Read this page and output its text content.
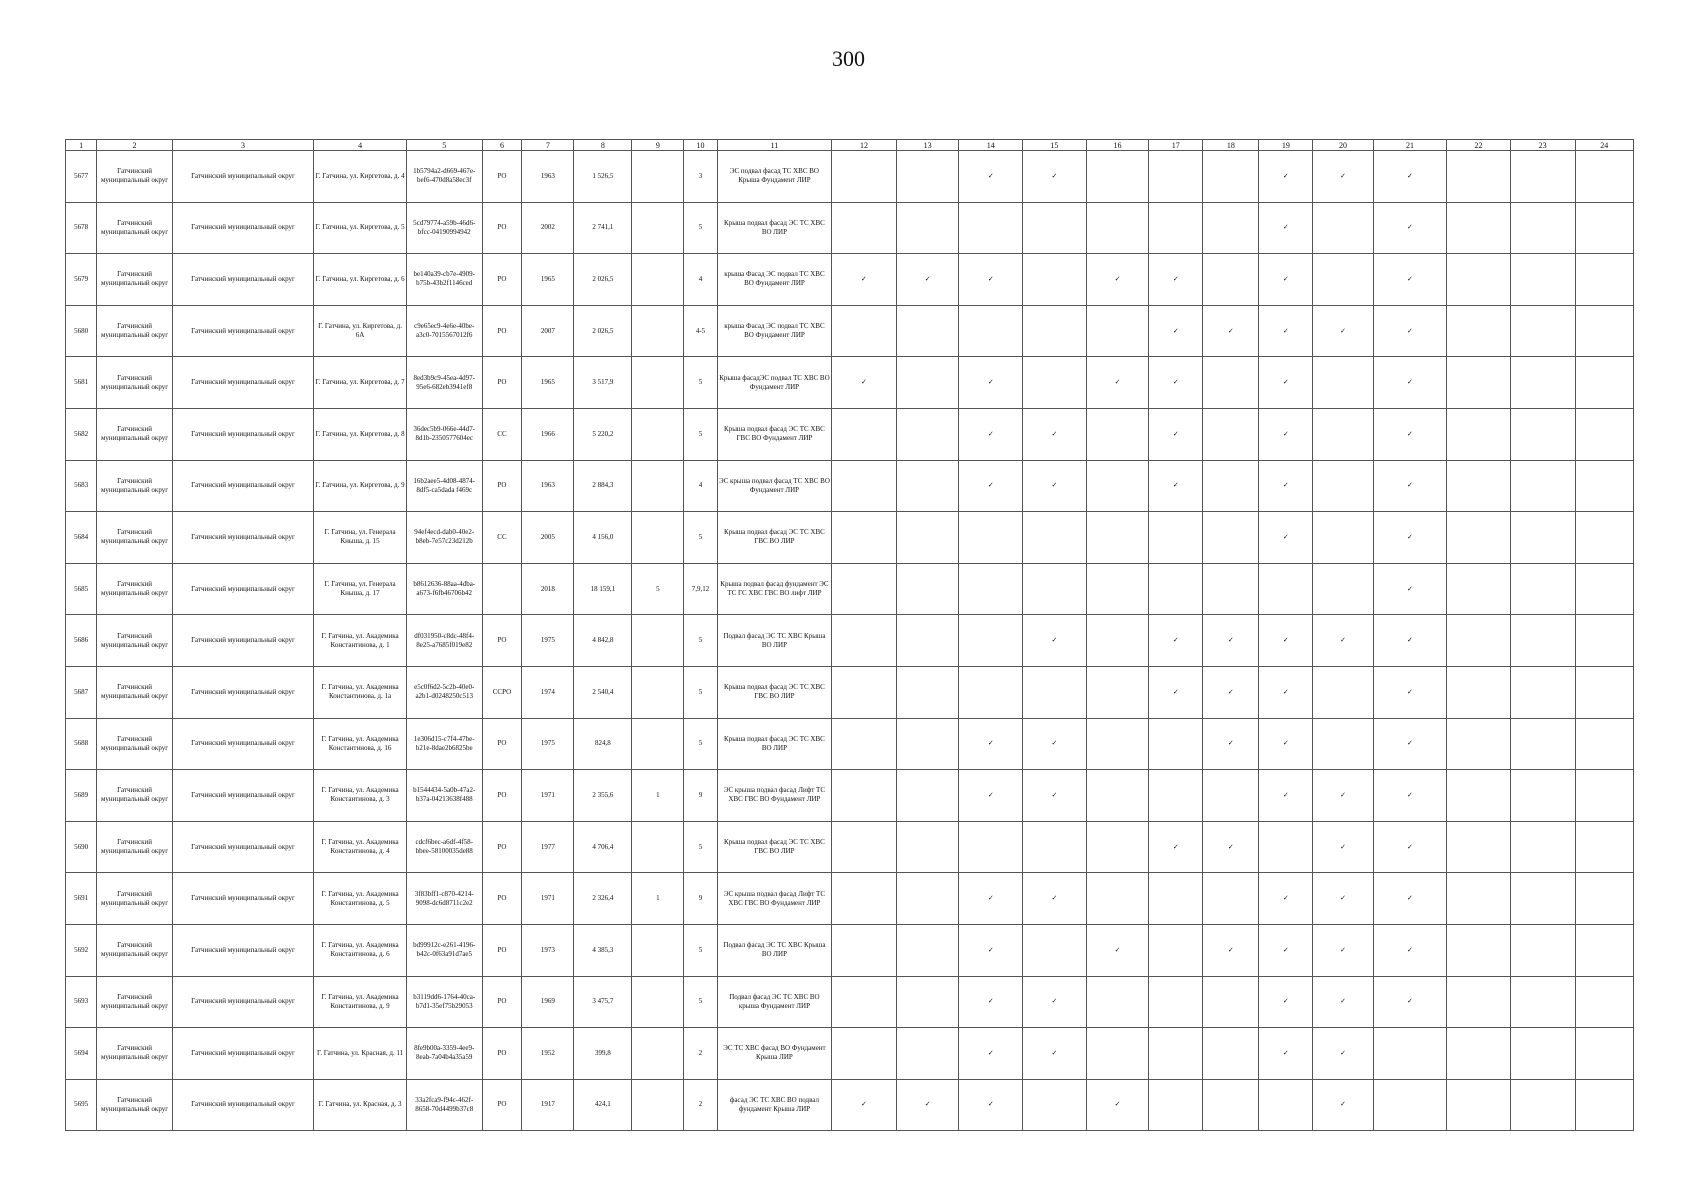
300
1	2	3	4	5	6	7	8	9	10	11	12	13	14	15	16	17	18	19	20	21	22	23	24
5677	Гатчинский муниципальный округ	Гатчинский муниципальный округ	Г. Гатчина, ул. Киргетова, д. 4	1b5794a2-d669-467e-bef6-470d8a58ec3f	РО	1963	1 526,5		3	ЭС подвал фасад ТС ХВС ВО Крыша Фундамент ЛИР			✓	✓				✓	✓	✓			
5678	Гатчинский муниципальный округ	Гатчинский муниципальный округ	Г. Гатчина, ул. Киргетова, д. 5	5cd79774-a59b-46d6-bfcc-04190994942	РО	2002	2 741,1		5	Крыша подвал фасад ЭС ТС ХВС ВО ЛИР								✓		✓			
5679	Гатчинский муниципальный округ	Гатчинский муниципальный округ	Г. Гатчина, ул. Киргетова, д. 6	be140a39-cb7e-4909-b75b-43b2f1146ced	РО	1965	2 026,5		4	крыша Фасад ЭС подвал ТС ХВС ВО Фундамент ЛИР	✓	✓	✓		✓	✓		✓		✓			
5680	Гатчинский муниципальный округ	Гатчинский муниципальный округ	Г. Гатчина, ул. Киргетова, д. 6А	c9e65ec9-4e6e-40be-a3c0-7015567012f6	РО	2007	2 026,5		4-5	крыша Фасад ЭС подвал ТС ХВС ВО Фундамент ЛИР						✓	✓	✓	✓	✓			
5681	Гатчинский муниципальный округ	Гатчинский муниципальный округ	Г. Гатчина, ул. Киргетова, д. 7	8ed3b9c9-45ea-4d97-95e6-682eb3941ef8	РО	1965	3 517,9		5	Крыша фасадЭС подвал ТС ХВС ВО Фундамент ЛИР	✓		✓		✓	✓		✓		✓			
5682	Гатчинский муниципальный округ	Гатчинский муниципальный округ	Г. Гатчина, ул. Киргетова, д. 8	36dec5b9-066e-44d7-8d1b-2350577604ec	СС	1966	5 220,2		5	Крыша подвал фасад ЭС ТС ХВС ГВС ВО Фундамент ЛИР			✓	✓		✓		✓		✓			
5683	Гатчинский муниципальный округ	Гатчинский муниципальный округ	Г. Гатчина, ул. Киргетова, д. 9	16b2aee5-4d08-4874-8df5-ca5dada f469c	РО	1963	2 884,3		4	ЭС крыша подвал фасад ТС ХВС ВО Фундамент ЛИР			✓	✓		✓		✓		✓			
5684	Гатчинский муниципальный округ	Гатчинский муниципальный округ	Г. Гатчина, ул. Генерала Кныша, д. 15	94ef4ecd-dab0-40e2-b8eb-7e57c23d212b	СС	2005	4 156,0		5	Крыша подвал фасад ЭС ТС ХВС ГВС ВО ЛИР								✓		✓			
5685	Гатчинский муниципальный округ	Гатчинский муниципальный округ	Г. Гатчина, ул. Генерала Кныша, д. 17	b8612636-88aa-4dba-a673-f6fb46706b42		2018	18 159,1	5	7,9,12	Крыша подвал фасад фундамент ЭС ТС ГС ХВС ГВС ВО лифт ЛИР										✓			
5686	Гатчинский муниципальный округ	Гатчинский муниципальный округ	Г. Гатчина, ул. Академика Константинова, д. 1	df031950-c8dc-48f4-8e25-a7685f019e82	РО	1975	4 842,8		5	Подвал фасад ЭС ТС ХВС Крыша ВО ЛИР				✓		✓	✓	✓	✓	✓			
5687	Гатчинский муниципальный округ	Гатчинский муниципальный округ	Г. Гатчина, ул. Академика Константинова, д. 1а	e5c0f6d2-5c2b-40e0-a2b1-d0248250c513	ССРО	1974	2 540,4		5	Крыша подвал фасад ЭС ТС ХВС ГВС ВО ЛИР						✓	✓	✓		✓			
5688	Гатчинский муниципальный округ	Гатчинский муниципальный округ	Г. Гатчина, ул. Академика Константинова, д. 16	1e306d15-c7f4-47be-b21e-8dae2b6825be	РО	1975	824,8		5	Крыша подвал фасад ЭС ТС ХВС ВО ЛИР			✓	✓			✓	✓		✓			
5689	Гатчинский муниципальный округ	Гатчинский муниципальный округ	Г. Гатчина, ул. Академика Константинова, д. 3	b1544434-5a0b-47a2-b37a-04213638f488	РО	1971	2 355,6	1	9	ЭС крыша подвал фасад Лифт ТС ХВС ГВС ВО Фундамент ЛИР			✓	✓				✓	✓	✓			
5690	Гатчинский муниципальный округ	Гатчинский муниципальный округ	Г. Гатчина, ул. Академика Константинова, д. 4	cdcf6bec-a6df-4f58-bbee-58100035de88	РО	1977	4 706,4		5	Крыша подвал фасад ЭС ТС ХВС ГВС ВО ЛИР						✓	✓		✓	✓			
5691	Гатчинский муниципальный округ	Гатчинский муниципальный округ	Г. Гатчина, ул. Академика Константинова, д. 5	3f83bff1-c870-4214-9098-dc6d8711c2e2	РО	1971	2 326,4	1	9	ЭС крыша подвал фасад Лифт ТС ХВС ГВС ВО Фундамент ЛИР			✓	✓				✓	✓	✓			
5692	Гатчинский муниципальный округ	Гатчинский муниципальный округ	Г. Гатчина, ул. Академика Константинова, д. 6	bd99912c-e261-4196-b42c-0f63a91d7ae5	РО	1973	4 385,3		5	Подвал фасад ЭС ТС ХВС Крыша ВО ЛИР			✓		✓		✓	✓	✓	✓			
5693	Гатчинский муниципальный округ	Гатчинский муниципальный округ	Г. Гатчина, ул. Академика Константинова, д. 9	b3119dd6-1764-40ca-b7d1-35ef75b29053	РО	1969	3 475,7		5	Подвал фасад ЭС ТС ХВС ВО крыша Фундамент ЛИР			✓	✓				✓	✓	✓			
5694	Гатчинский муниципальный округ	Гатчинский муниципальный округ	Г. Гатчина, ул. Красная, д. 11	8fe9b00a-3359-4ee9-8eab-7a04b4a35a59	РО	1952	399,8		2	ЭС ТС ХВС фасад ВО Фундамент Крыша ЛИР			✓	✓				✓	✓				
5695	Гатчинский муниципальный округ	Гатчинский муниципальный округ	Г. Гатчина, ул. Красная, д. 3	33a2fca9-f94c-462f-8658-70d4499b37c8	РО	1917	424,1		2	фасад ЭС ТС ХВС ВО подвал фундамент Крыша ЛИР	✓	✓	✓		✓				✓				
